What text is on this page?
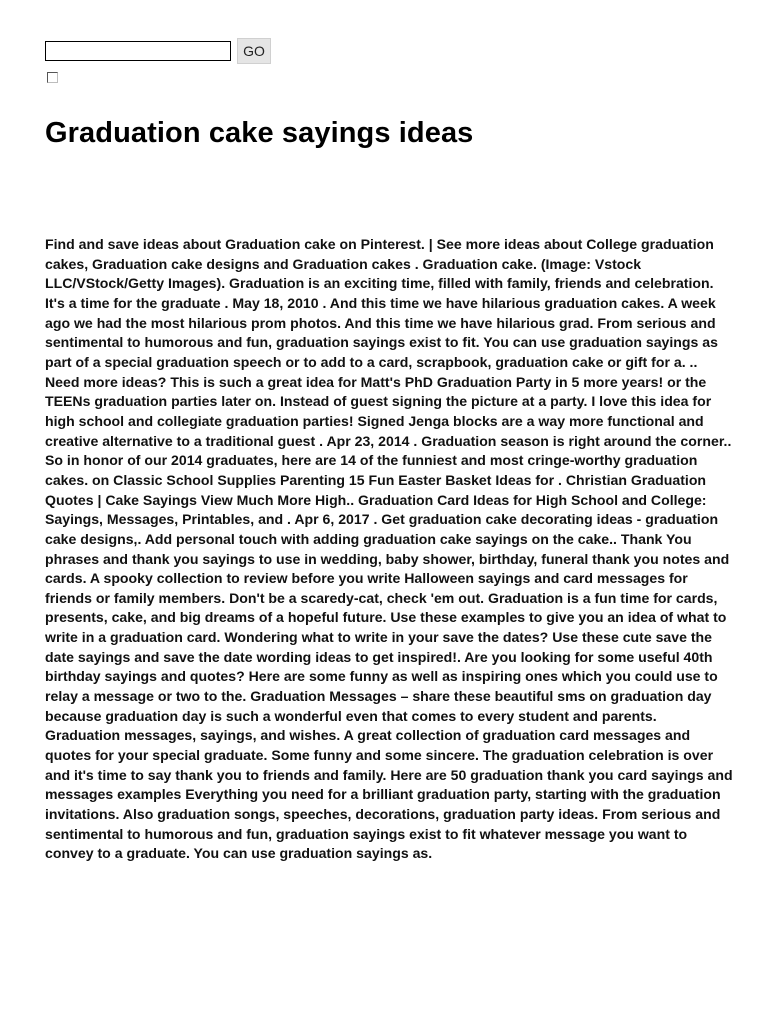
GO
Graduation cake sayings ideas

Find and save ideas about Graduation cake on Pinterest. | See more ideas about College graduation cakes, Graduation cake designs and Graduation cakes . Graduation cake. (Image: Vstock LLC/VStock/Getty Images). Graduation is an exciting time, filled with family, friends and celebration. It's a time for the graduate . May 18, 2010 . And this time we have hilarious graduation cakes. A week ago we had the most hilarious prom photos. And this time we have hilarious grad. From serious and sentimental to humorous and fun, graduation sayings exist to fit. You can use graduation sayings as part of a special graduation speech or to add to a card, scrapbook, graduation cake or gift for a. .. Need more ideas? This is such a great idea for Matt's PhD Graduation Party in 5 more years! or the TEENs graduation parties later on. Instead of guest signing the picture at a party. I love this idea for high school and collegiate graduation parties! Signed Jenga blocks are a way more functional and creative alternative to a traditional guest . Apr 23, 2014 . Graduation season is right around the corner.. So in honor of our 2014 graduates, here are 14 of the funniest and most cringe-worthy graduation cakes. on Classic School Supplies Parenting 15 Fun Easter Basket Ideas for . Christian Graduation Quotes | Cake Sayings View Much More High.. Graduation Card Ideas for High School and College: Sayings, Messages, Printables, and . Apr 6, 2017 . Get graduation cake decorating ideas - graduation cake designs,. Add personal touch with adding graduation cake sayings on the cake.. Thank You phrases and thank you sayings to use in wedding, baby shower, birthday, funeral thank you notes and cards. A spooky collection to review before you write Halloween sayings and card messages for friends or family members. Don't be a scaredy-cat, check 'em out. Graduation is a fun time for cards, presents, cake, and big dreams of a hopeful future. Use these examples to give you an idea of what to write in a graduation card. Wondering what to write in your save the dates? Use these cute save the date sayings and save the date wording ideas to get inspired!. Are you looking for some useful 40th birthday sayings and quotes? Here are some funny as well as inspiring ones which you could use to relay a message or two to the. Graduation Messages – share these beautiful sms on graduation day because graduation day is such a wonderful even that comes to every student and parents. Graduation messages, sayings, and wishes. A great collection of graduation card messages and quotes for your special graduate. Some funny and some sincere. The graduation celebration is over and it's time to say thank you to friends and family. Here are 50 graduation thank you card sayings and messages examples Everything you need for a brilliant graduation party, starting with the graduation invitations. Also graduation songs, speeches, decorations, graduation party ideas. From serious and sentimental to humorous and fun, graduation sayings exist to fit whatever message you want to convey to a graduate. You can use graduation sayings as.
